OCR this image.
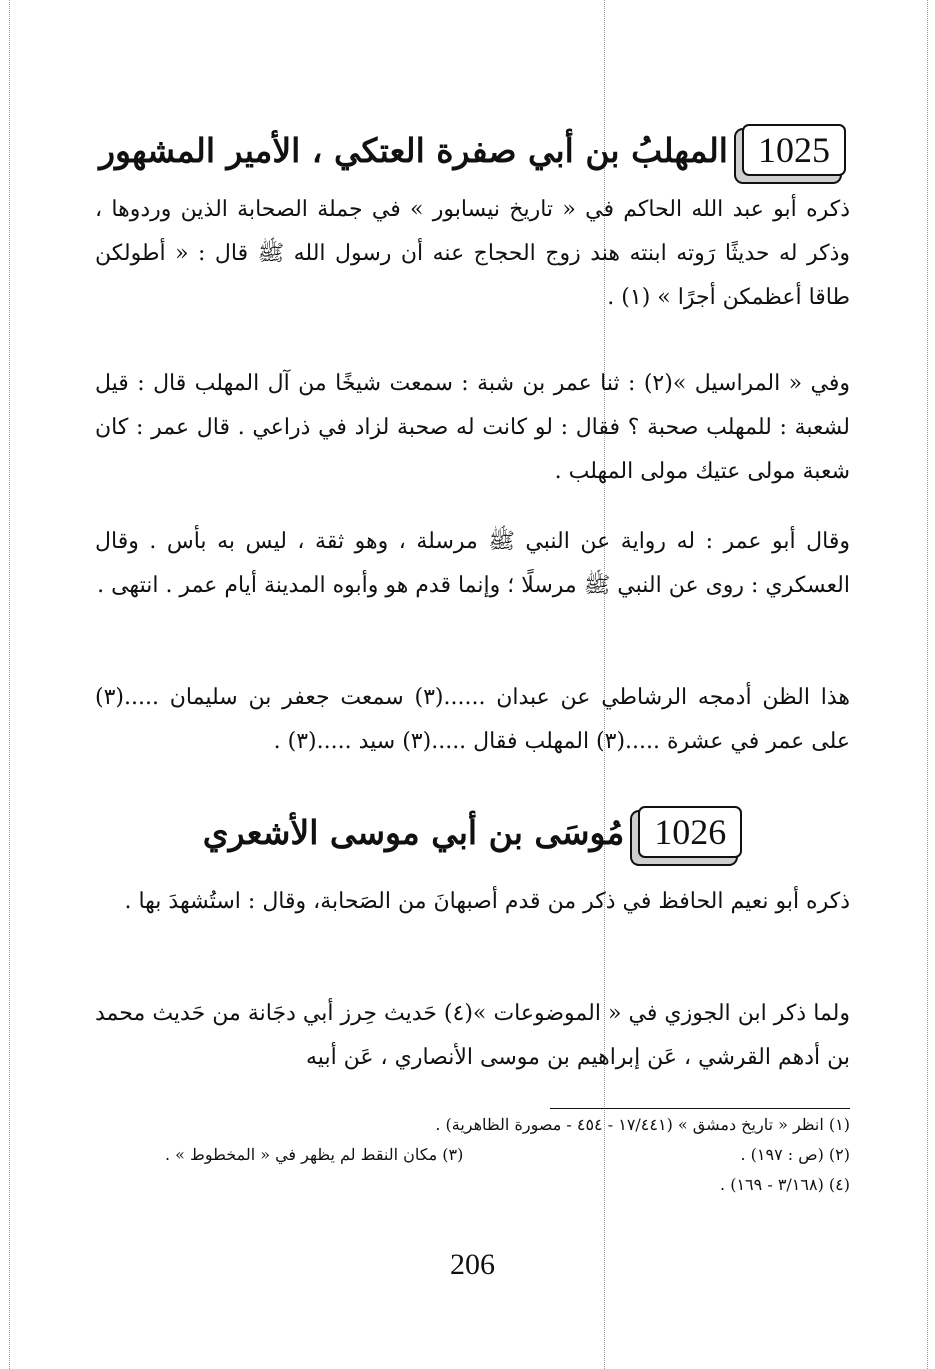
1025
المهلبُ بن أبي صفرة العتكي ، الأمير المشهور

ذكره أبو عبد الله الحاكم في « تاريخ نيسابور » في جملة الصحابة الذين وردوها ، وذكر له حديثًا رَوته ابنته هند زوج الحجاج عنه أن رسول الله ﷺ قال : « أطولكن طاقا أعظمكن أجرًا » (١) .

وفي « المراسيل »(٢) : ثنا عمر بن شبة : سمعت شيخًا من آل المهلب قال : قيل لشعبة : للمهلب صحبة ؟ فقال : لو كانت له صحبة لزاد في ذراعي . قال عمر : كان شعبة مولى عتيك مولى المهلب .

وقال أبو عمر : له رواية عن النبي ﷺ مرسلة ، وهو ثقة ، ليس به بأس . وقال العسكري : روى عن النبي ﷺ مرسلًا ؛ وإنما قدم هو وأبوه المدينة أيام عمر . انتهى .

هذا الظن أدمجه الرشاطي عن عبدان ......(٣) سمعت جعفر بن سليمان .....(٣) على عمر في عشرة .....(٣) المهلب فقال .....(٣) سيد .....(٣) .

1026
مُوسَى بن أبي موسى الأشعري

ذكره أبو نعيم الحافظ في ذكر من قدم أصبهانَ من الصَحابة، وقال : استُشهدَ بها .

ولما ذكر ابن الجوزي في « الموضوعات »(٤) حَديث حِرز أبي دجَانة من حَديث محمد بن أدهم القرشي ، عَن إبراهيم بن موسى الأنصاري ، عَن أبيه

(١) انظر « تاريخ دمشق » (١٧/٤٤١ - ٤٥٤ - مصورة الظاهرية) .
(٢) (ص : ١٩٧) .
(٣) مكان النقط لم يظهر في « المخطوط » .
(٤) (٣/١٦٨ - ١٦٩) .
206
